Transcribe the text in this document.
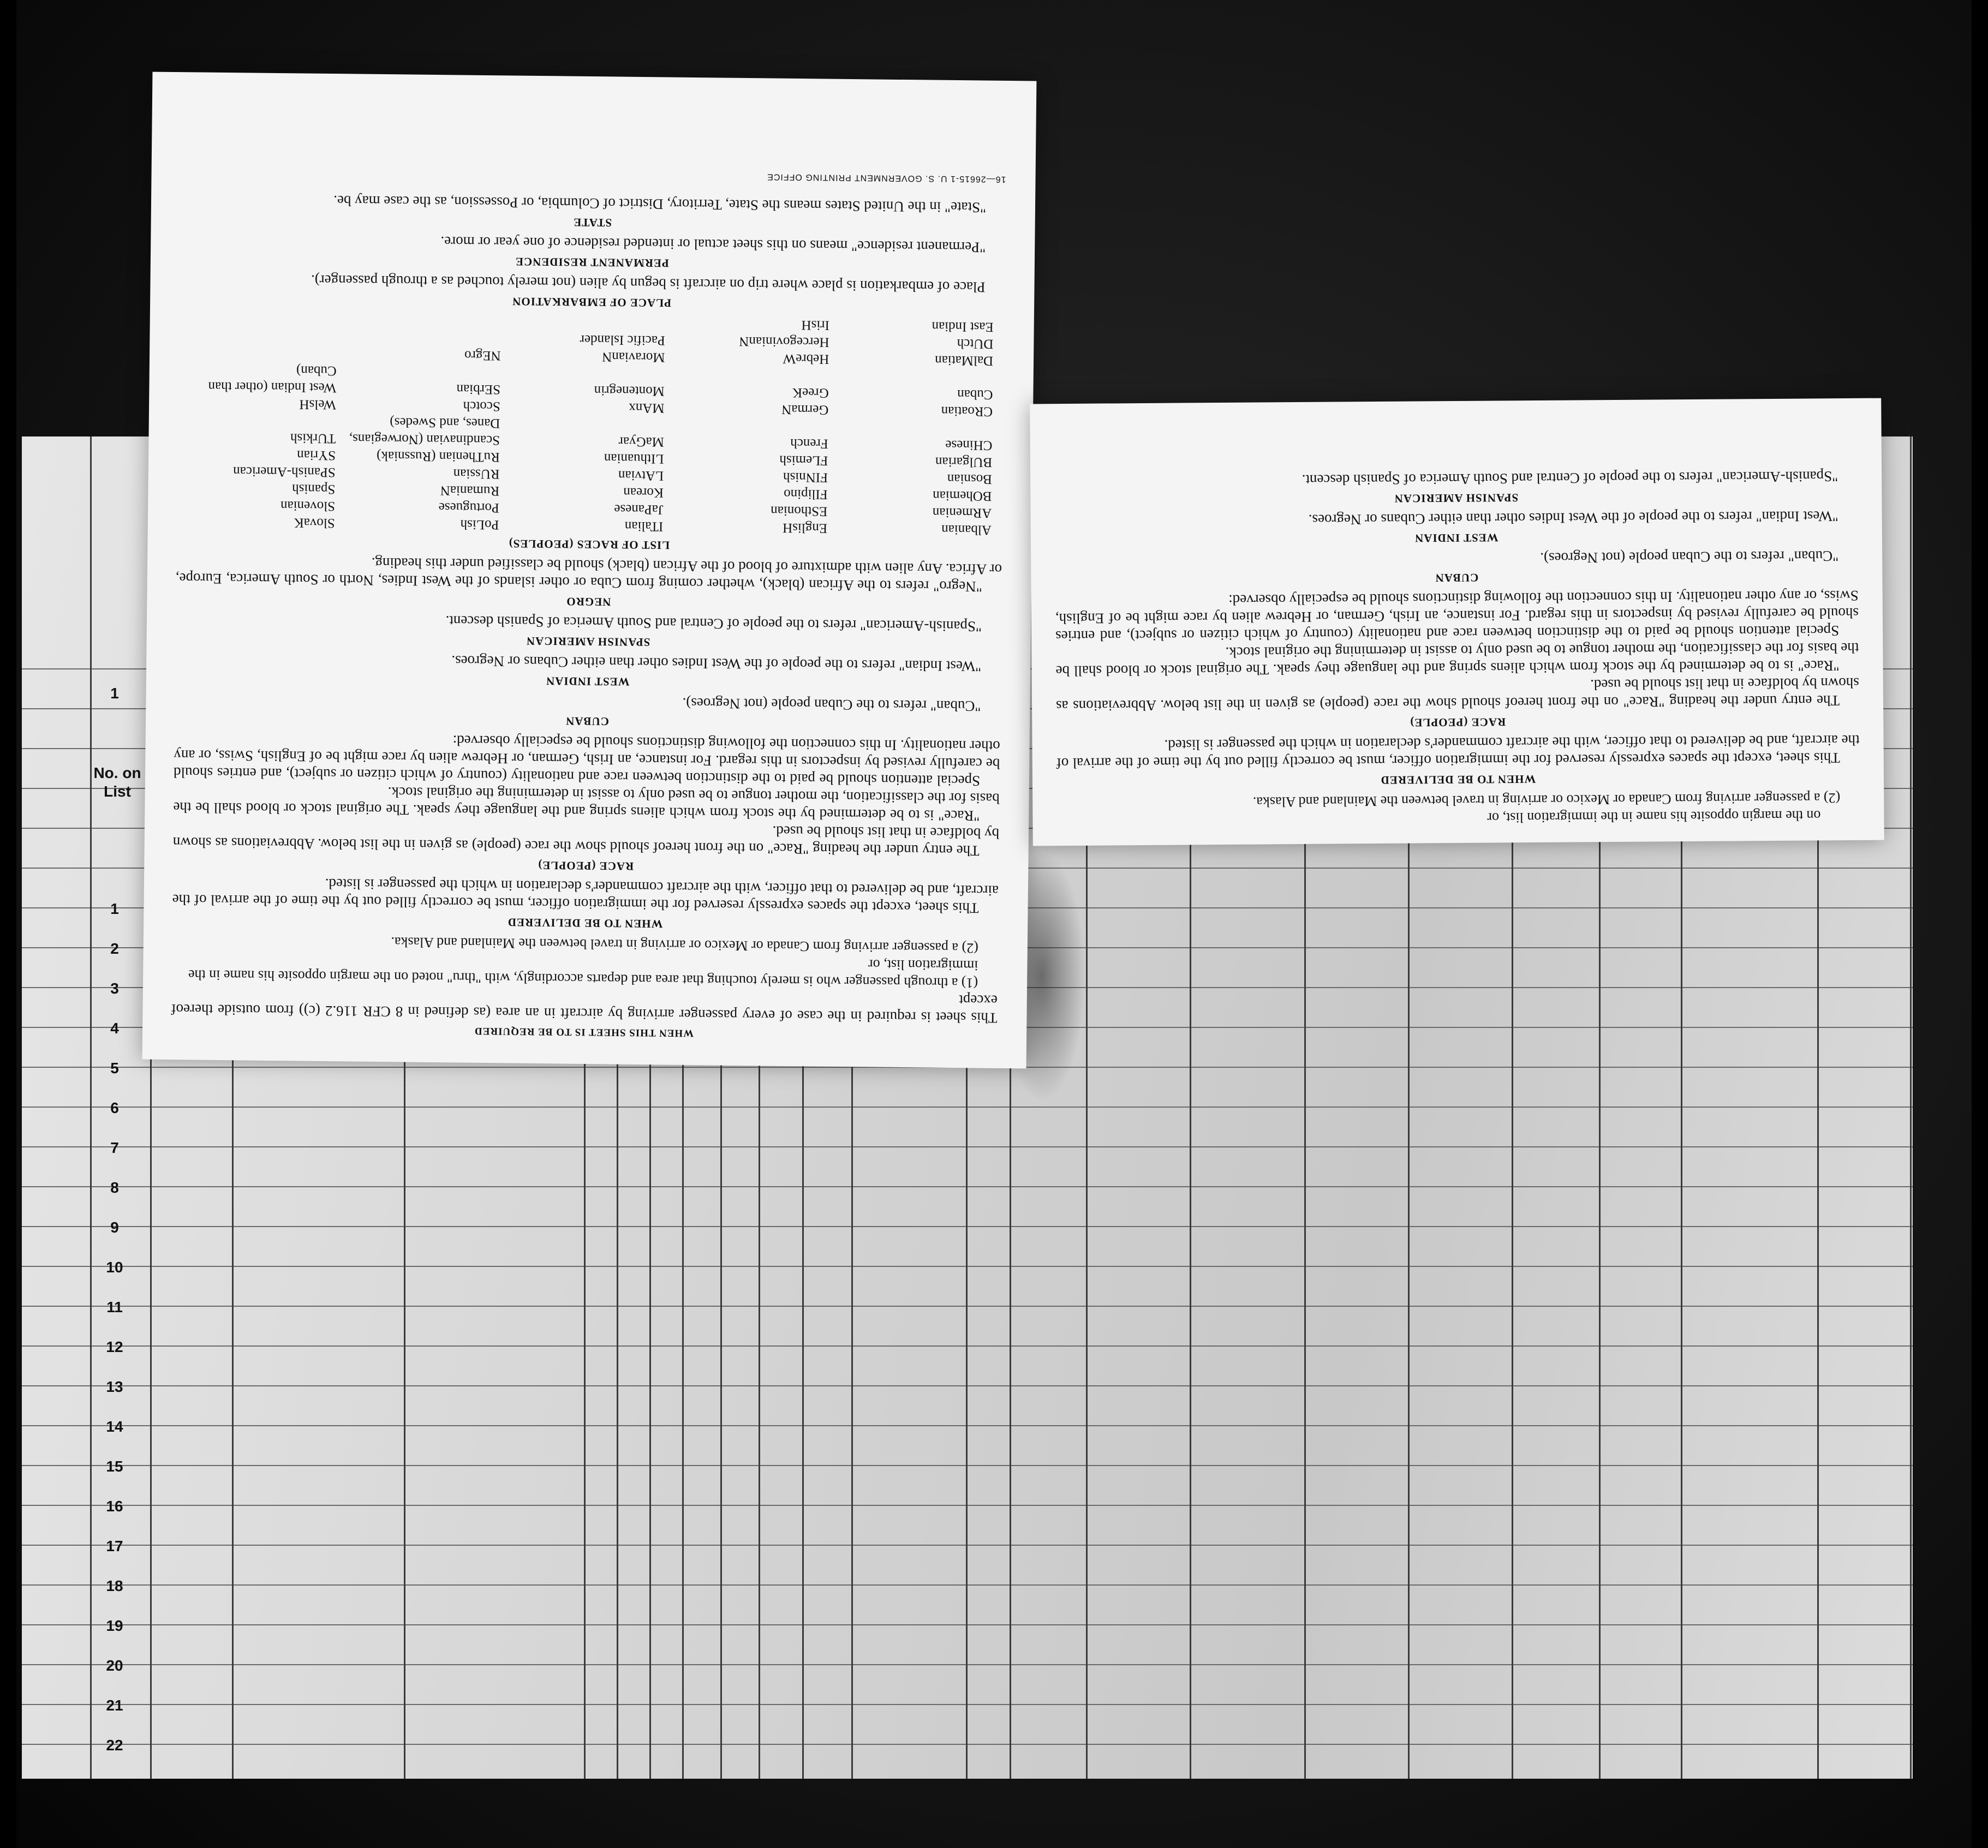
No. on List
1
1
2
3
4
5
6
7
8
9
10
11
12
13
14
15
16
17
18
19
20
21
22
WHEN THIS SHEET IS TO BE REQUIRED

This sheet is required in the case of every passenger arriving by aircraft in an area (as defined in 8 CFR 116.2 (c)) from outside thereof except

(1) a through passenger who is merely touching that area and departs accordingly, with "thru" noted on the margin opposite his name in the immigration list, or
(2) a passenger arriving from Canada or Mexico or arriving in travel between the Mainland and Alaska.
WHEN TO BE DELIVERED

This sheet, except the spaces expressly reserved for the immigration officer, must be correctly filled out by the time of the arrival of the aircraft, and be delivered to that officer, with the aircraft commander's declaration in which the passenger is listed.

RACE (PEOPLE)

The entry under the heading "Race" on the front hereof should show the race (people) as given in the list below. Abbreviations as shown by boldface in that list should be used.

"Race" is to be determined by the stock from which aliens spring and the language they speak. The original stock or blood shall be the basis for the classification, the mother tongue to be used only to assist in determining the original stock.

Special attention should be paid to the distinction between race and nationality (country of which citizen or subject), and entries should be carefully revised by inspectors in this regard. For instance, an Irish, German, or Hebrew alien by race might be of English, Swiss, or any other nationality. In this connection the following distinctions should be especially observed:

CUBAN

"Cuban" refers to the Cuban people (not Negroes).

WEST INDIAN

"West Indian" refers to the people of the West Indies other than either Cubans or Negroes.

SPANISH AMERICAN

"Spanish-American" refers to the people of Central and South America of Spanish descent.

NEGRO

"Negro" refers to the African (black), whether coming from Cuba or other islands of the West Indies, North or South America, Europe, or Africa. Any alien with admixture of blood of the African (black) should be classified under this heading.

LIST OF RACES (PEOPLES)
Albanian
EnglisH
ITalian
PoLish
SlovaK
ARmenian
ESthonian
JaPanese
Portuguese
Slovenian
BOhemian
FIlipino
Korean
RumaniaN
Spanish
Bosnian
FINnish
LAtvian
RUssian
SPanish-American
BUlgarian
FLemish
LIthuanian
RuThenian (Russniak)
SYrian
CHinese
French
MaGyar
Scandinavian (Norwegians, Danes, and Swedes)
TUrkish
CRoatian
GermaN
MAnx
Scotch
WelsH
Cuban
GreeK
Montenegrin
SErbian
West Indian (other than Cuban)
DalMatian
HebreW
MoravianN
NEgro
DUtch
HercegovinianN
Pacific Islander
East Indian
IrisH
PLACE OF EMBARKATION

Place of embarkation is place where trip on aircraft is begun by alien (not merely touched as a through passenger).

PERMANENT RESIDENCE

"Permanent residence" means on this sheet actual or intended residence of one year or more.

STATE

"State" in the United States means the State, Territory, District of Columbia, or Possession, as the case may be.

16—26615-1 U. S. GOVERNMENT PRINTING OFFICE
on the margin opposite his name in the immigration list, or
(2) a passenger arriving from Canada or Mexico or arriving in travel between the Mainland and Alaska.
WHEN TO BE DELIVERED

This sheet, except the spaces expressly reserved for the immigration officer, must be correctly filled out by the time of the arrival of the aircraft, and be delivered to that officer, with the aircraft commander's declaration in which the passenger is listed.

RACE (PEOPLE)

The entry under the heading "Race" on the front hereof should show the race (people) as given in the list below. Abbreviations as shown by boldface in that list should be used.

"Race" is to be determined by the stock from which aliens spring and the language they speak. The original stock or blood shall be the basis for the classification, the mother tongue to be used only to assist in determining the original stock.

Special attention should be paid to the distinction between race and nationality (country of which citizen or subject), and entries should be carefully revised by inspectors in this regard. For instance, an Irish, German, or Hebrew alien by race might be of English, Swiss, or any other nationality. In this connection the following distinctions should be especially observed:

CUBAN

"Cuban" refers to the Cuban people (not Negroes).

WEST INDIAN

"West Indian" refers to the people of the West Indies other than either Cubans or Negroes.

SPANISH AMERICAN

"Spanish-American" refers to the people of Central and South America of Spanish descent.
